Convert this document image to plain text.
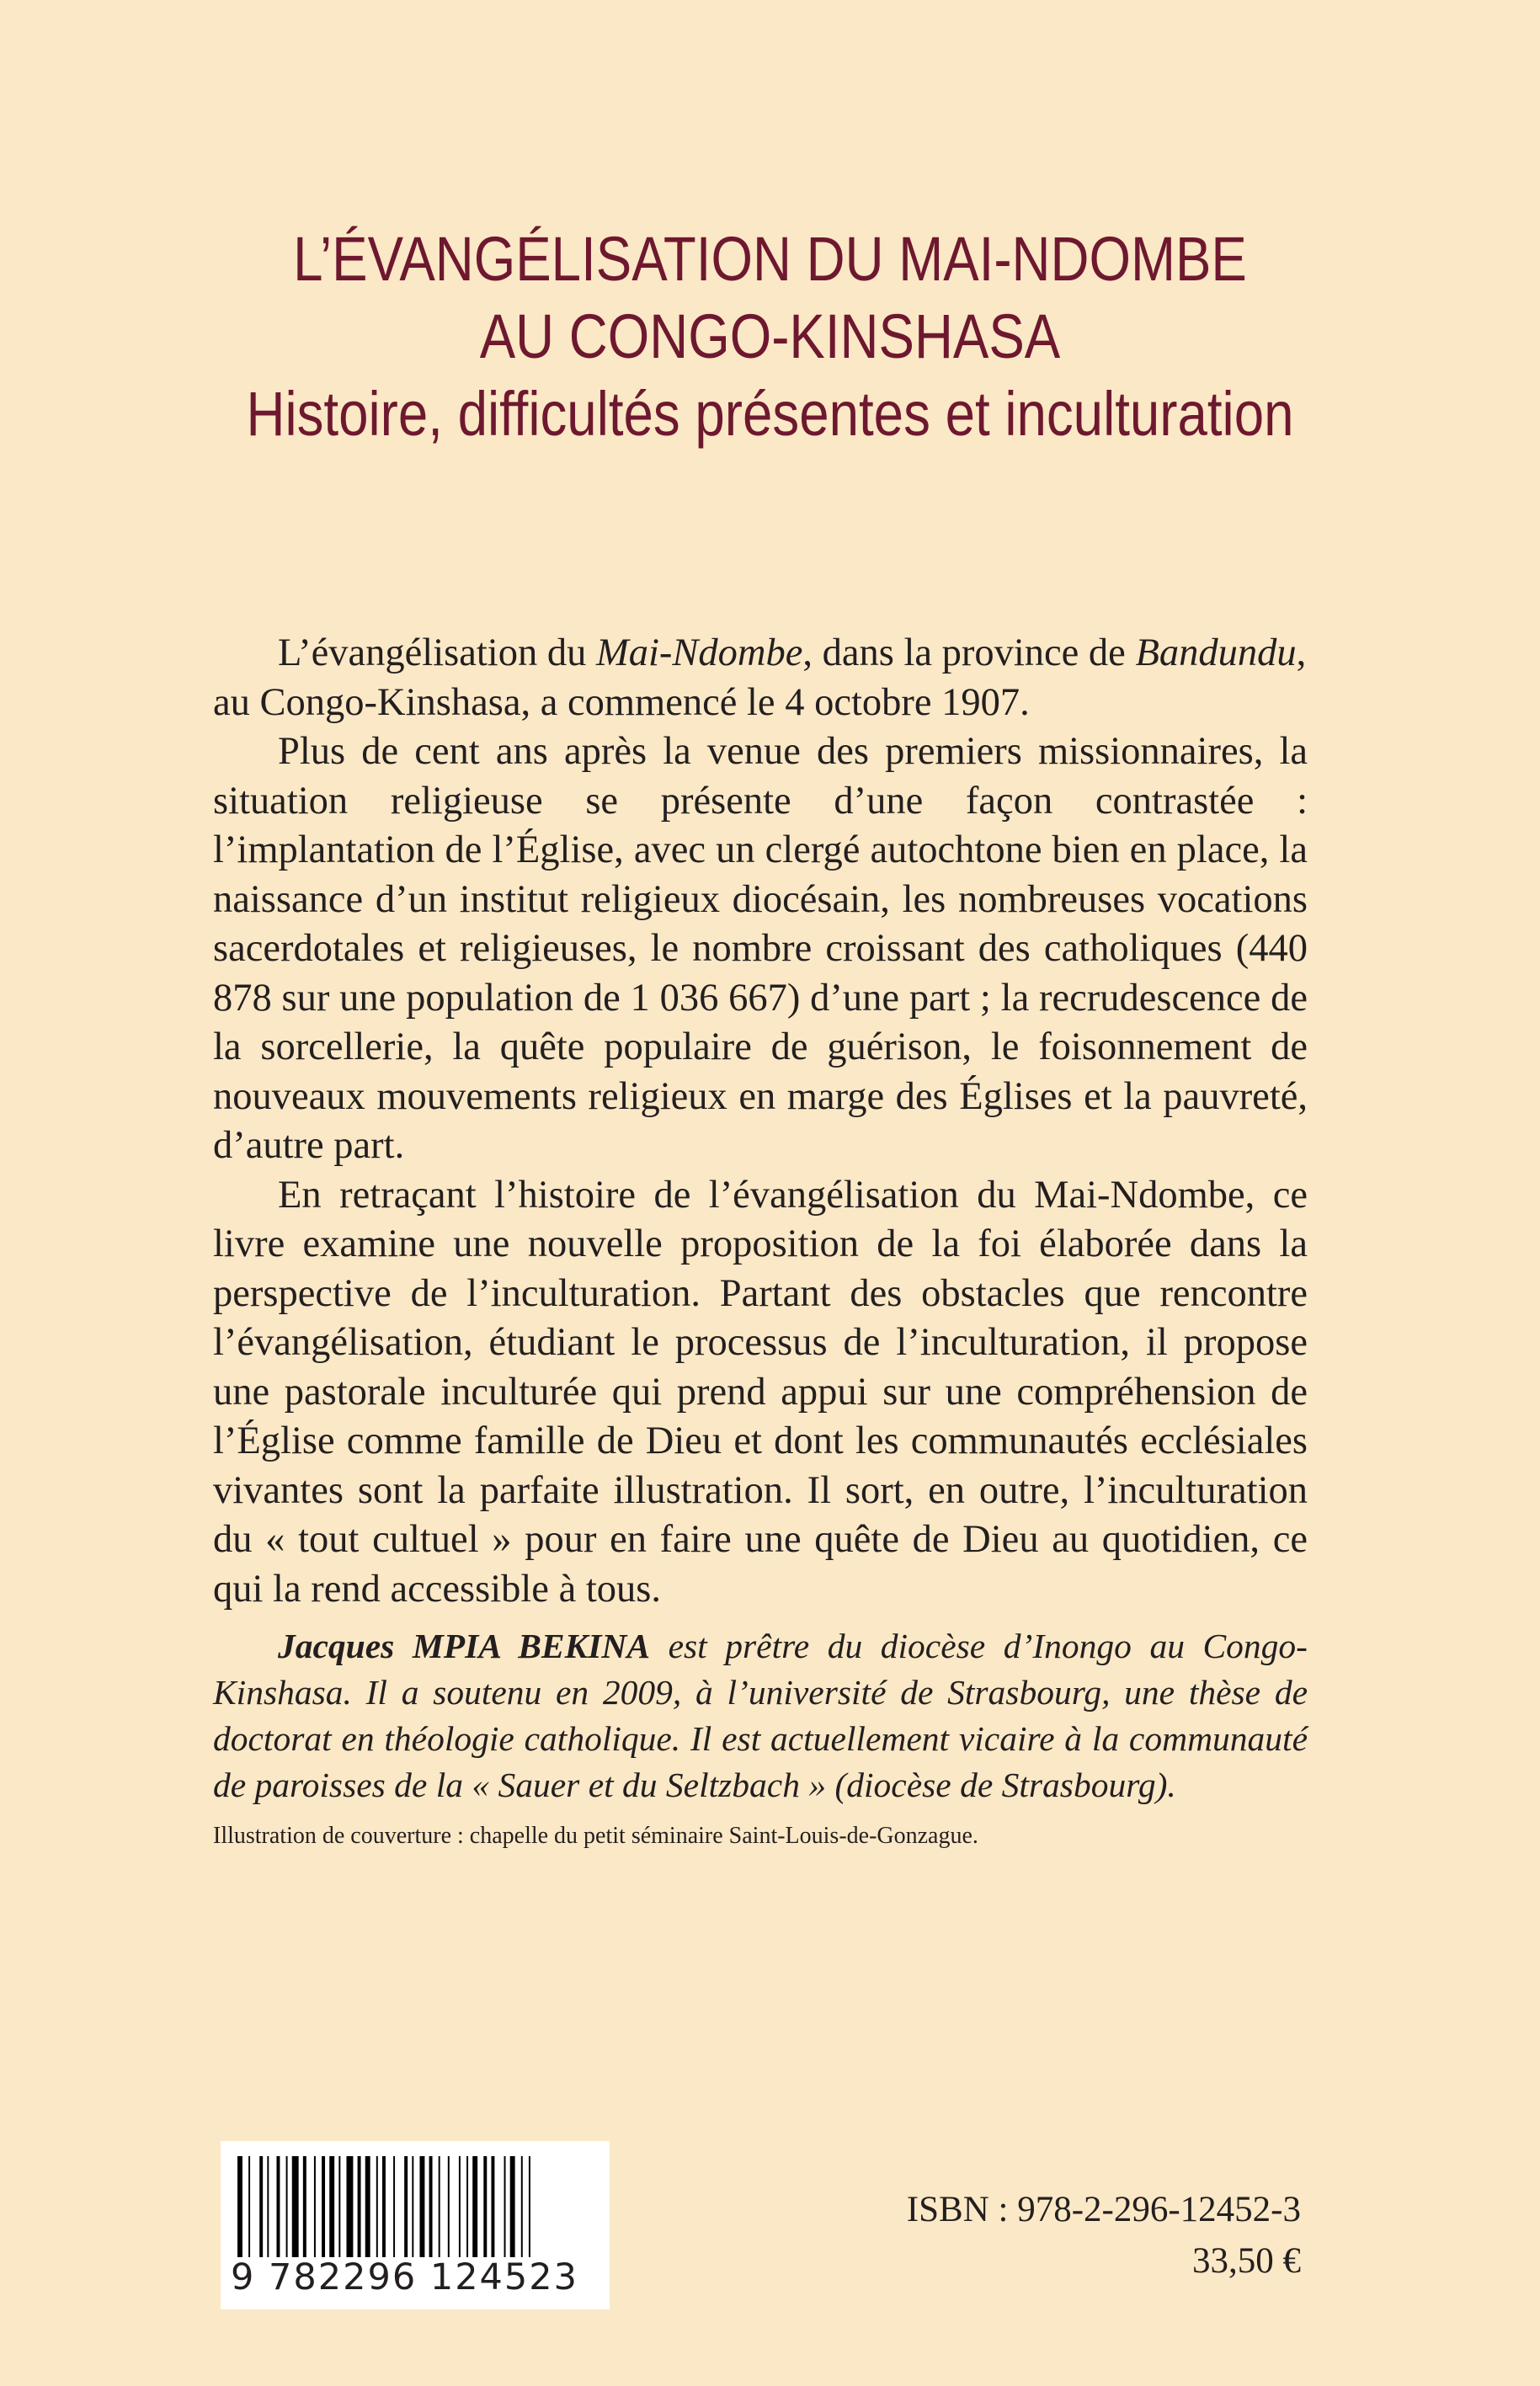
L’ÉVANGÉLISATION DU MAI-NDOMBE
AU CONGO-KINSHASA
Histoire, difficultés présentes et inculturation

L’évangélisation du Mai-Ndombe, dans la province de Bandundu, au Congo-Kinshasa, a commencé le 4 octobre 1907.

Plus de cent ans après la venue des premiers missionnaires, la situation religieuse se présente d’une façon contrastée : l’implantation de l’Église, avec un clergé autochtone bien en place, la naissance d’un institut religieux diocésain, les nombreuses vocations sacerdotales et religieuses, le nombre croissant des catholiques (440 878 sur une population de 1 036 667) d’une part ; la recrudescence de la sorcellerie, la quête populaire de guérison, le foisonnement de nouveaux mouvements religieux en marge des Églises et la pauvreté, d’autre part.

En retraçant l’histoire de l’évangélisation du Mai-Ndombe, ce livre examine une nouvelle proposition de la foi élaborée dans la perspective de l’inculturation. Partant des obstacles que rencontre l’évangélisation, étudiant le processus de l’inculturation, il propose une pastorale inculturée qui prend appui sur une compréhension de l’Église comme famille de Dieu et dont les communautés ecclésiales vivantes sont la parfaite illustration. Il sort, en outre, l’inculturation du « tout cultuel » pour en faire une quête de Dieu au quotidien, ce qui la rend accessible à tous.

Jacques MPIA BEKINA est prêtre du diocèse d’Inongo au Congo-Kinshasa. Il a soutenu en 2009, à l’université de Strasbourg, une thèse de doctorat en théologie catholique. Il est actuellement vicaire à la communauté de paroisses de la « Sauer et du Seltzbach » (diocèse de Strasbourg).
Illustration de couverture : chapelle du petit séminaire Saint-Louis-de-Gonzague.
9 782296 124523
ISBN : 978-2-296-12452-3
33,50 €
